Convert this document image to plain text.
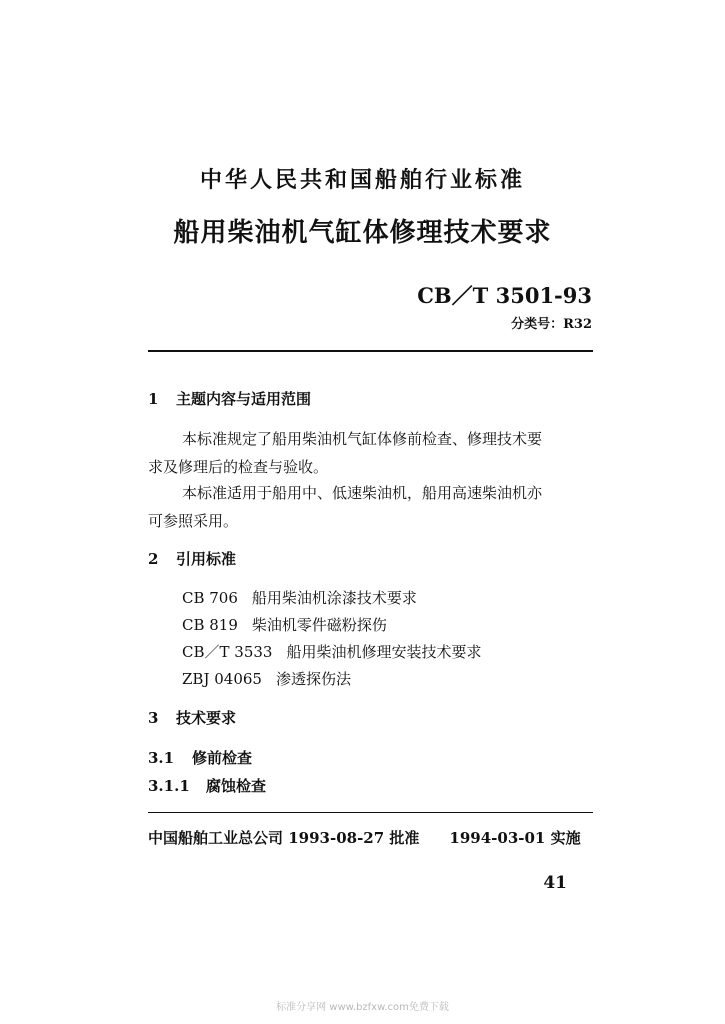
中华人民共和国船舶行业标准
船用柴油机气缸体修理技术要求
CB／T 3501-93
分类号：R32
1 主题内容与适用范围
本标准规定了船用柴油机气缸体修前检查、修理技术要
求及修理后的检查与验收。
本标准适用于船用中、低速柴油机，船用高速柴油机亦
可参照采用。
2 引用标准
CB 706 船用柴油机涂漆技术要求
CB 819 柴油机零件磁粉探伤
CB／T 3533 船用柴油机修理安装技术要求
ZBJ 04065 渗透探伤法
3 技术要求
3.1 修前检查
3.1.1 腐蚀检查
中国船舶工业总公司 1993-08-27 批准 1994-03-01 实施
41
标准分享网 www.bzfxw.com免费下载
